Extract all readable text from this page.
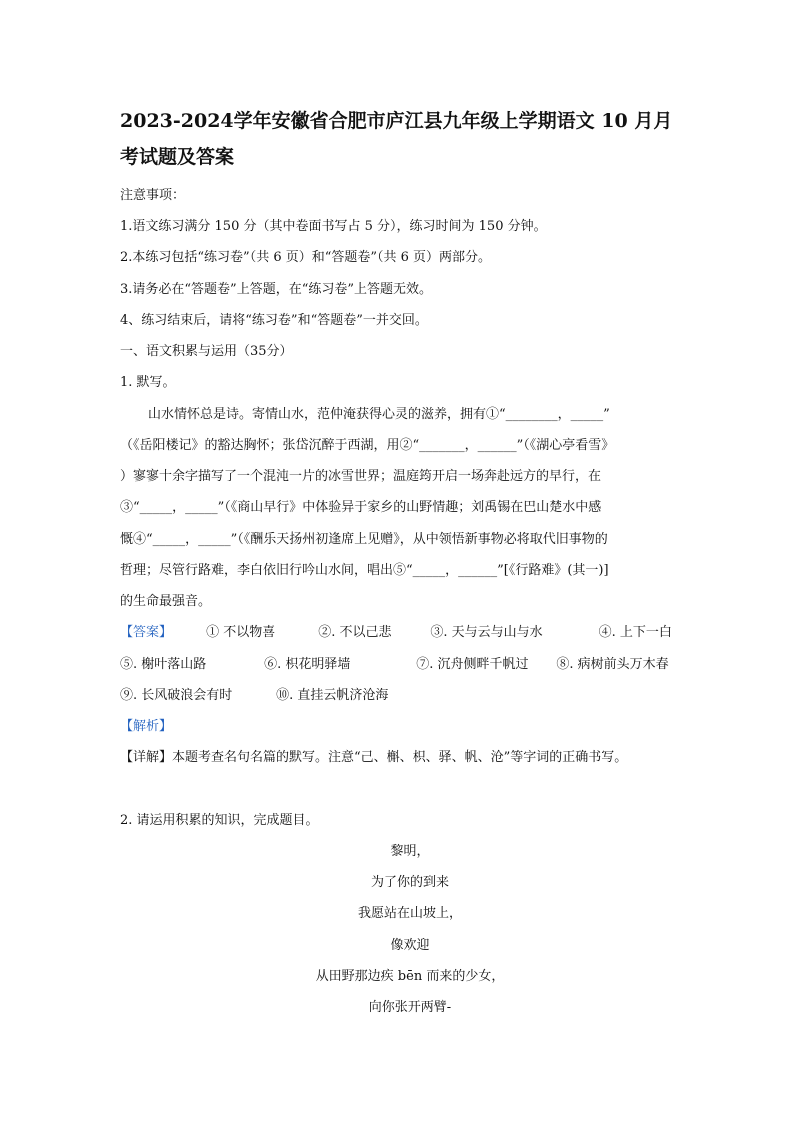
2023-2024学年安徽省合肥市庐江县九年级上学期语文 10 月月考试题及答案

注意事项：

1.语文练习满分 150 分（其中卷面书写占 5 分），练习时间为 150 分钟。

2.本练习包括“练习卷”（共 6 页）和“答题卷”（共 6 页）两部分。

3.请务必在“答题卷”上答题，在“练习卷”上答题无效。

4、练习结束后，请将“练习卷”和“答题卷”一并交回。

一、语文积累与运用（35分）

1. 默写。

山水情怀总是诗。寄情山水，范仲淹获得心灵的滋养，拥有①“________，_____”

（《岳阳楼记》的豁达胸怀；张岱沉醉于西湖，用②“_______，______”（《湖心亭看雪》

）寥寥十余字描写了一个混沌一片的冰雪世界；温庭筠开启一场奔赴远方的早行，在

③“_____，_____”（《商山早行》中体验异于家乡的山野情趣；刘禹锡在巴山楚水中感

慨④“_____，_____”（《酬乐天扬州初逢席上见赠》，从中领悟新事物必将取代旧事物的

哲理；尽管行路难，李白依旧行吟山水间，唱出⑤“_____，______”[《行路难》(其一)]

的生命最强音。

【答案】	① 不以物喜	②. 不以己悲	③. 天与云与山与水	④. 上下一白

⑤. 榭叶落山路	⑥. 枳花明驿墙	⑦. 沉舟侧畔千帆过 ⑧. 病树前头万木春

⑨. 长风破浪会有时	⑩. 直挂云帆济沧海

【解析】

【详解】本题考查名句名篇的默写。注意“己、槲、枳、驿、帆、沧”等字词的正确书写。

2. 请运用积累的知识，完成题目。

黎明，

为了你的到来

我愿站在山坡上，

像欢迎

从田野那边疾 bēn 而来的少女，

向你张开两臂-
